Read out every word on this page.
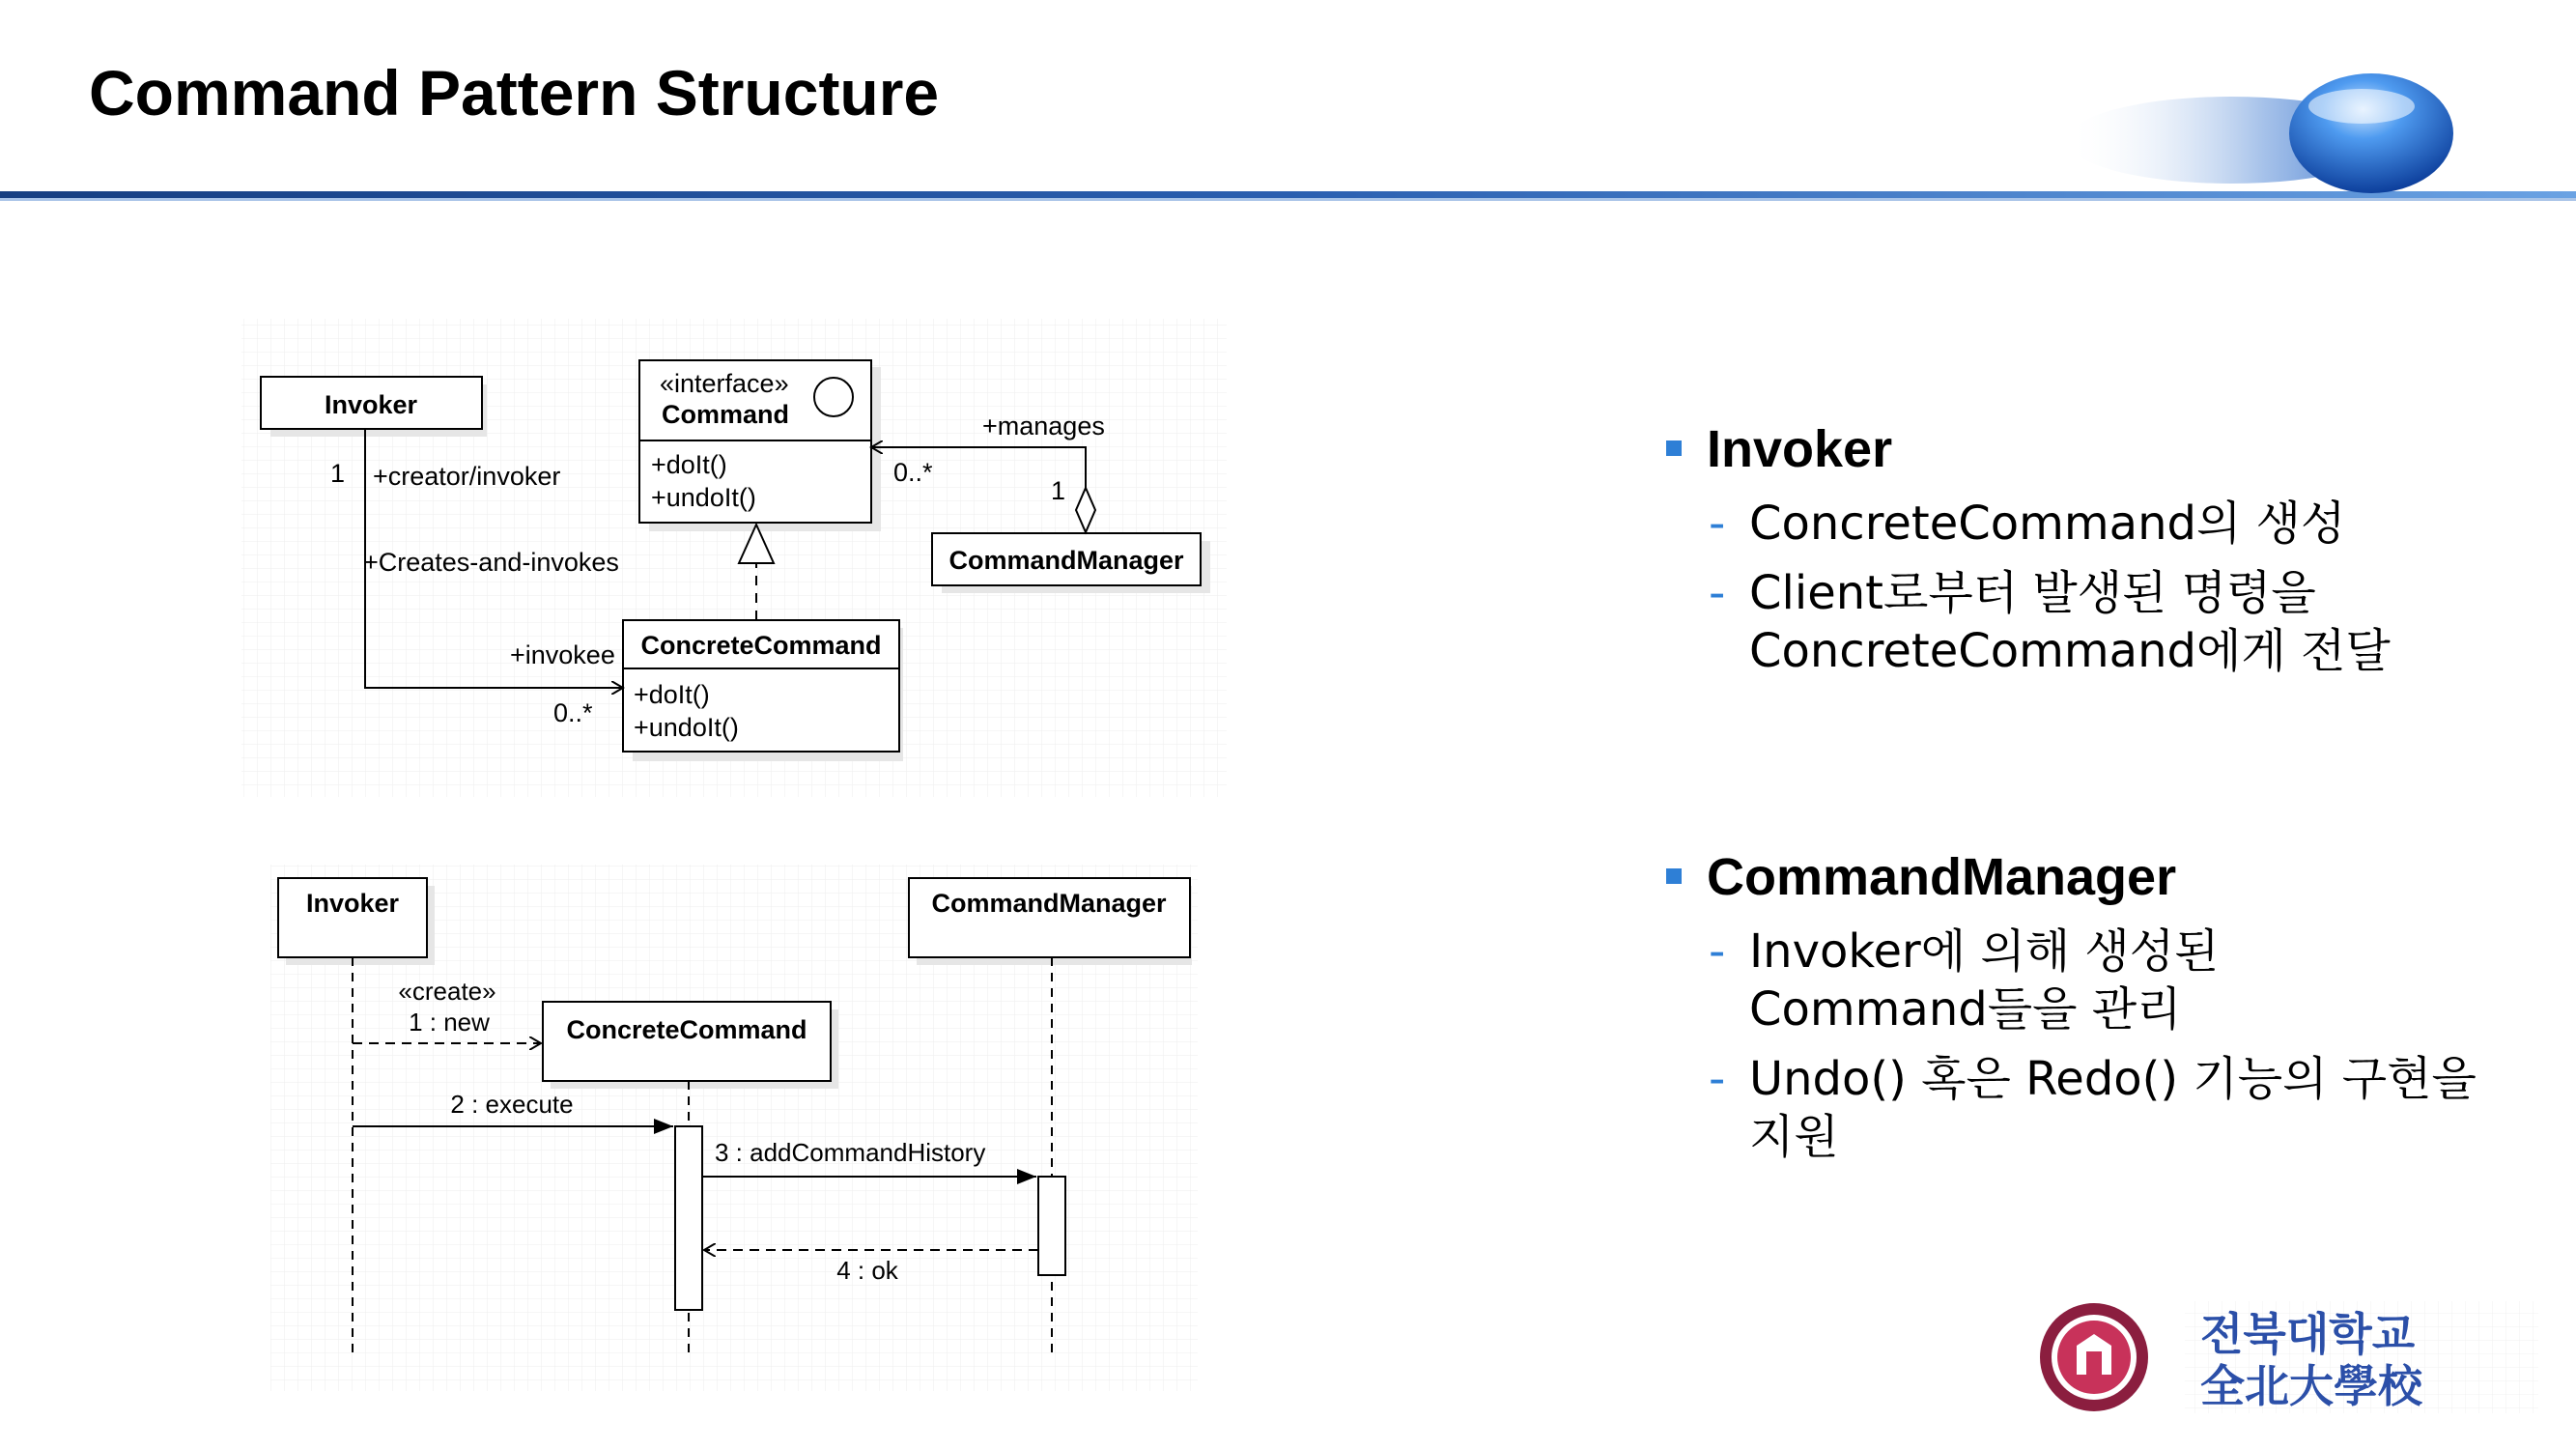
Command Pattern Structure
Invoker
«interface»
Command
+doIt()
+undoIt()
CommandManager
ConcreteCommand
+doIt()
+undoIt()
1 +creator/invoker
+Creates-and-invokes
+invokee
0..*
+manages
0..*
1
Invoker	CommandManager
ConcreteCommand
«create»
1 : new
2 : execute
3 : addCommandHistory
4 : ok
Invoker
- ConcreteCommand의 생성
- Client로부터 발생된 명령을
ConcreteCommand에게 전달
CommandManager
- Invoker에 의해 생성된
Command들을 관리
- Undo() 혹은 Redo() 기능의 구현을
지원
전북대학교
全北大學校
